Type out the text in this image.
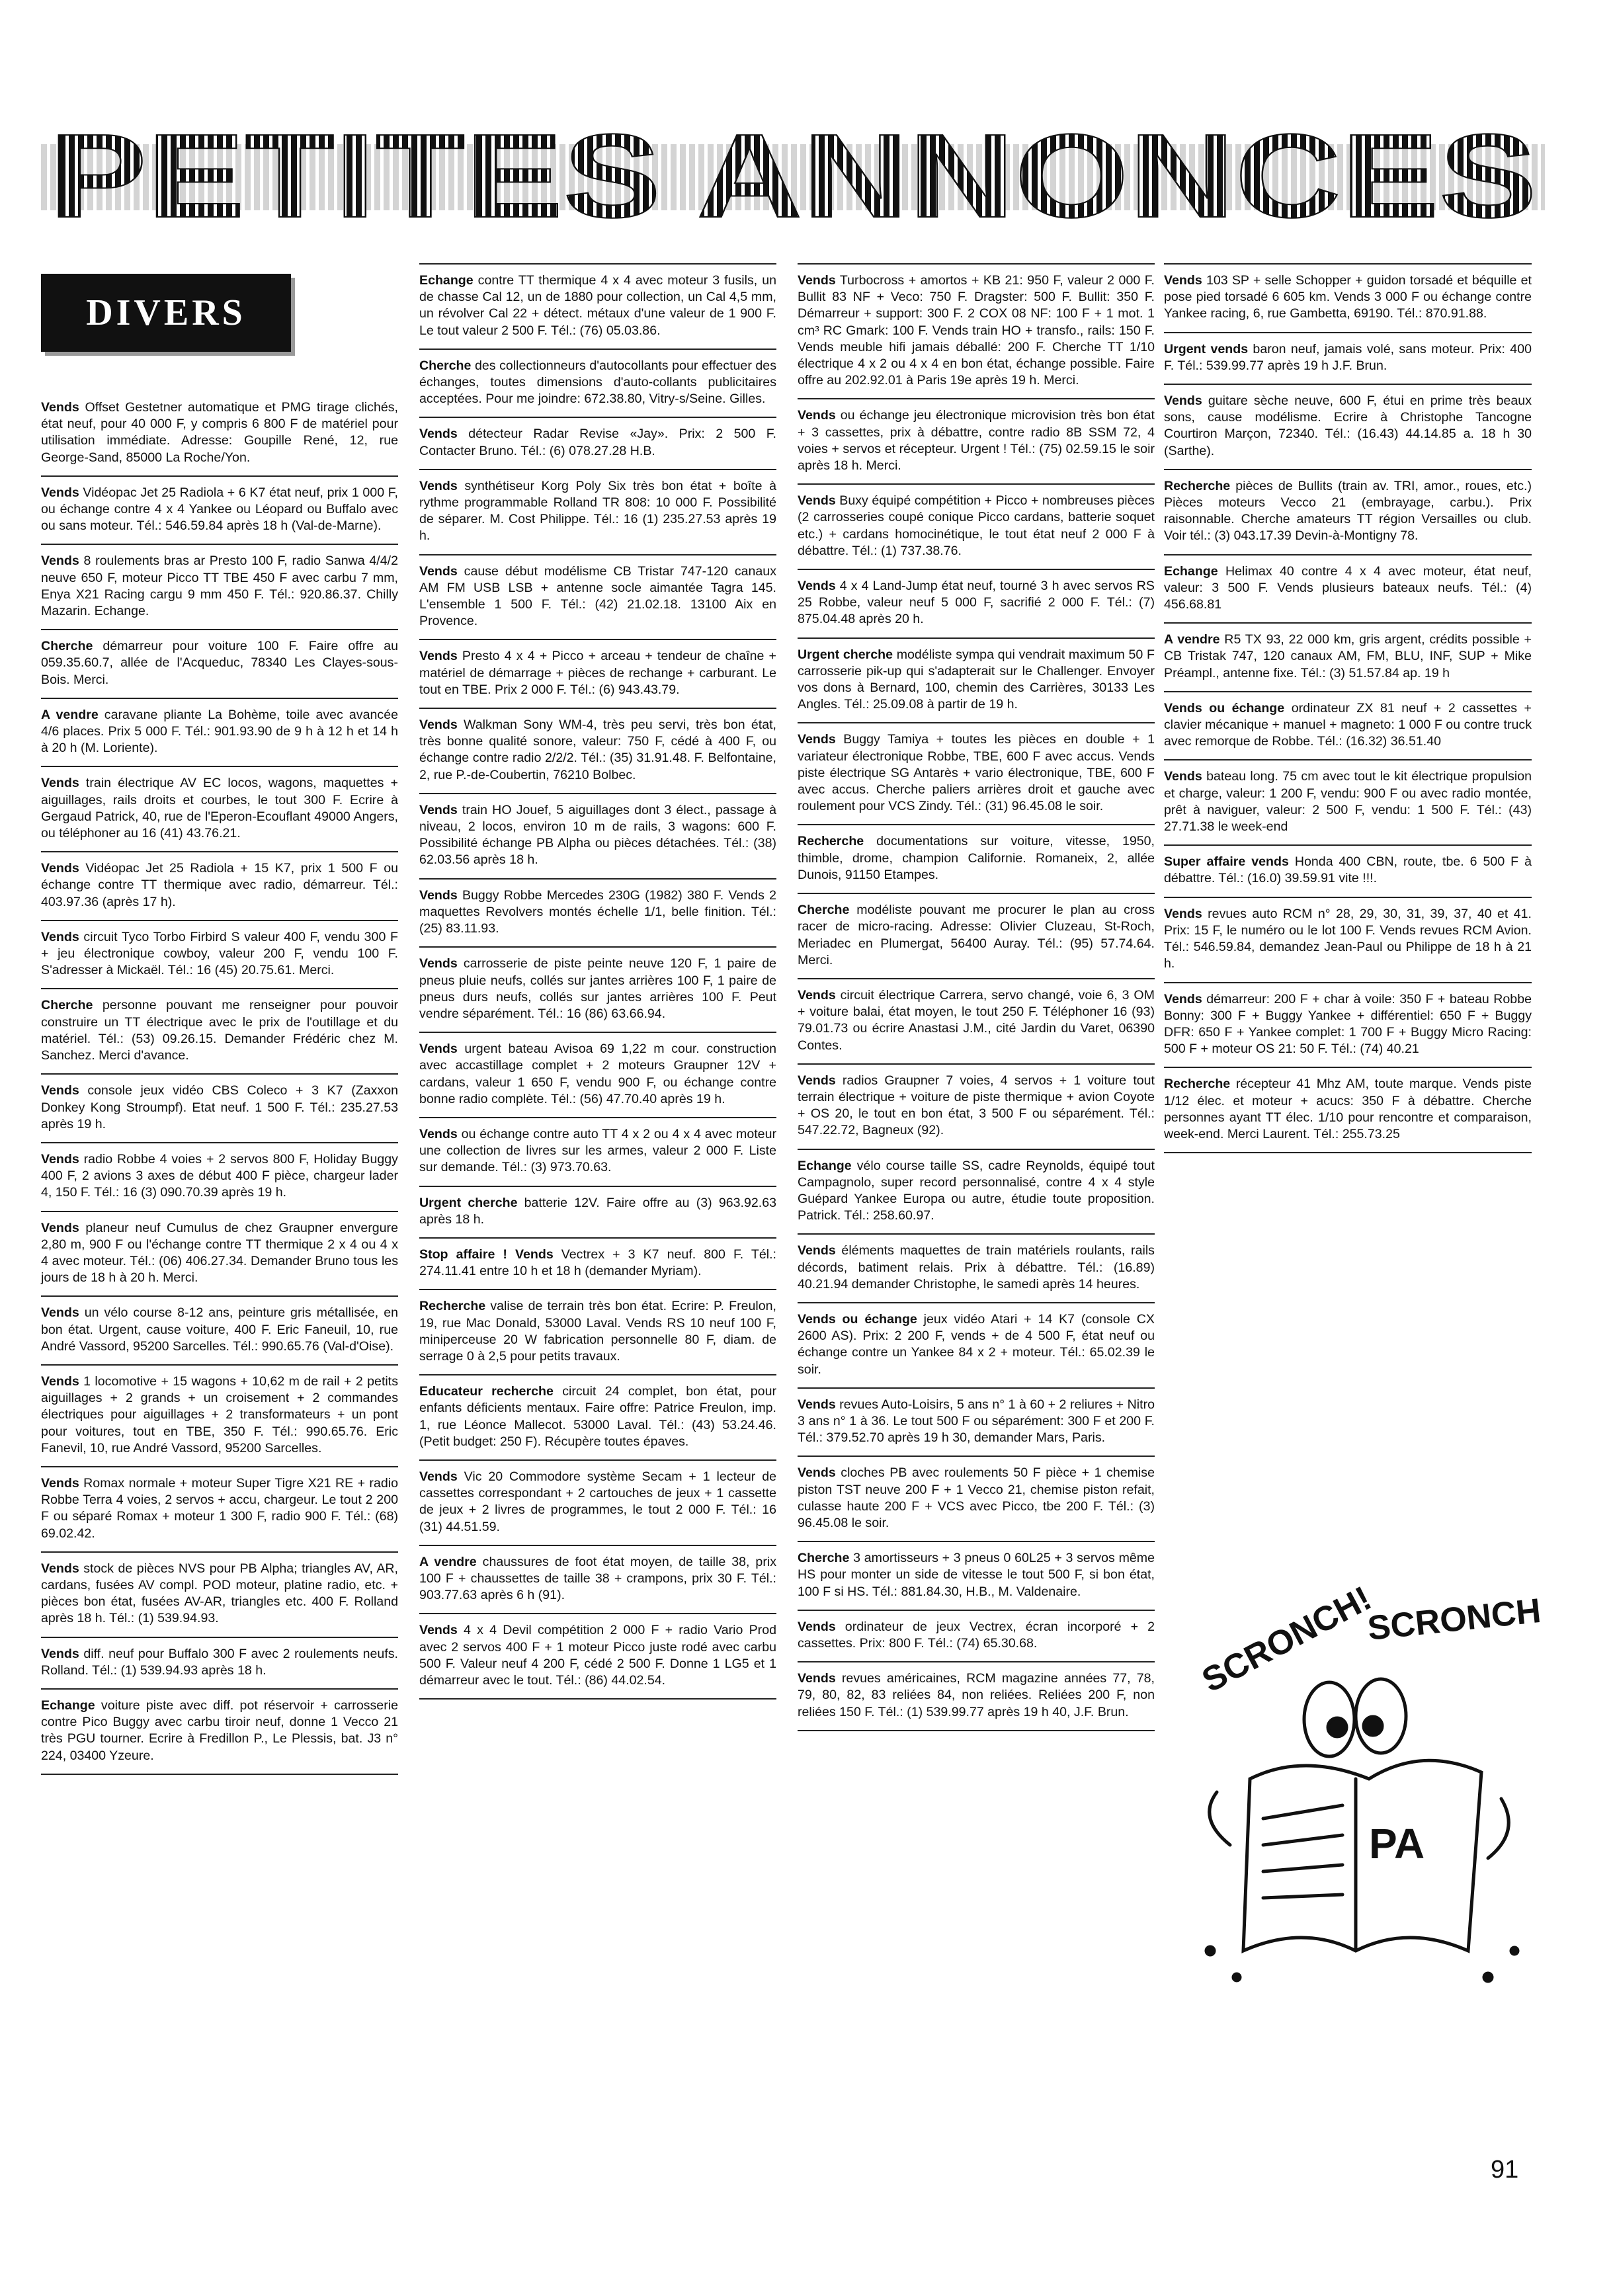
PETITES ANNONCES
DIVERS
Vends Offset Gestetner automatique et PMG tirage clichés, état neuf, pour 40 000 F, y compris 6 800 F de matériel pour utilisation immédiate. Adresse: Goupille René, 12, rue George-Sand, 85000 La Roche/Yon.
Vends Vidéopac Jet 25 Radiola + 6 K7 état neuf, prix 1 000 F, ou échange contre 4 x 4 Yankee ou Léopard ou Buffalo avec ou sans moteur. Tél.: 546.59.84 après 18 h (Val-de-Marne).
Vends 8 roulements bras ar Presto 100 F, radio Sanwa 4/4/2 neuve 650 F, moteur Picco TT TBE 450 F avec carbu 7 mm, Enya X21 Racing cargu 9 mm 450 F. Tél.: 920.86.37. Chilly Mazarin. Echange.
Cherche démarreur pour voiture 100 F. Faire offre au 059.35.60.7, allée de l'Acqueduc, 78340 Les Clayes-sous-Bois. Merci.
A vendre caravane pliante La Bohème, toile avec avancée 4/6 places. Prix 5 000 F. Tél.: 901.93.90 de 9 h à 12 h et 14 h à 20 h (M. Loriente).
Vends train électrique AV EC locos, wagons, maquettes + aiguillages, rails droits et courbes, le tout 300 F. Ecrire à Gergaud Patrick, 40, rue de l'Eperon-Ecouflant 49000 Angers, ou téléphoner au 16 (41) 43.76.21.
Vends Vidéopac Jet 25 Radiola + 15 K7, prix 1 500 F ou échange contre TT thermique avec radio, démarreur. Tél.: 403.97.36 (après 17 h).
Vends circuit Tyco Torbo Firbird S valeur 400 F, vendu 300 F + jeu électronique cowboy, valeur 200 F, vendu 100 F. S'adresser à Mickaël. Tél.: 16 (45) 20.75.61. Merci.
Cherche personne pouvant me renseigner pour pouvoir construire un TT électrique avec le prix de l'outillage et du matériel. Tél.: (53) 09.26.15. Demander Frédéric chez M. Sanchez. Merci d'avance.
Vends console jeux vidéo CBS Coleco + 3 K7 (Zaxxon Donkey Kong Stroumpf). Etat neuf. 1 500 F. Tél.: 235.27.53 après 19 h.
Vends radio Robbe 4 voies + 2 servos 800 F, Holiday Buggy 400 F, 2 avions 3 axes de début 400 F pièce, chargeur lader 4, 150 F. Tél.: 16 (3) 090.70.39 après 19 h.
Vends planeur neuf Cumulus de chez Graupner envergure 2,80 m, 900 F ou l'échange contre TT thermique 2 x 4 ou 4 x 4 avec moteur. Tél.: (06) 406.27.34. Demander Bruno tous les jours de 18 h à 20 h. Merci.
Vends un vélo course 8-12 ans, peinture gris métallisée, en bon état. Urgent, cause voiture, 400 F. Eric Faneuil, 10, rue André Vassord, 95200 Sarcelles. Tél.: 990.65.76 (Val-d'Oise).
Vends 1 locomotive + 15 wagons + 10,62 m de rail + 2 petits aiguillages + 2 grands + un croisement + 2 commandes électriques pour aiguillages + 2 transformateurs + un pont pour voitures, tout en TBE, 350 F. Tél.: 990.65.76. Eric Fanevil, 10, rue André Vassord, 95200 Sarcelles.
Vends Romax normale + moteur Super Tigre X21 RE + radio Robbe Terra 4 voies, 2 servos + accu, chargeur. Le tout 2 200 F ou séparé Romax + moteur 1 300 F, radio 900 F. Tél.: (68) 69.02.42.
Vends stock de pièces NVS pour PB Alpha; triangles AV, AR, cardans, fusées AV compl. POD moteur, platine radio, etc. + pièces bon état, fusées AV-AR, triangles etc. 400 F. Rolland après 18 h. Tél.: (1) 539.94.93.
Vends diff. neuf pour Buffalo 300 F avec 2 roulements neufs. Rolland. Tél.: (1) 539.94.93 après 18 h.
Echange voiture piste avec diff. pot réservoir + carrosserie contre Pico Buggy avec carbu tiroir neuf, donne 1 Vecco 21 très PGU tourner. Ecrire à Fredillon P., Le Plessis, bat. J3 n° 224, 03400 Yzeure.
Echange contre TT thermique 4 x 4 avec moteur 3 fusils, un de chasse Cal 12, un de 1880 pour collection, un Cal 4,5 mm, un révolver Cal 22 + détect. métaux d'une valeur de 1 900 F. Le tout valeur 2 500 F. Tél.: (76) 05.03.86.
Cherche des collectionneurs d'autocollants pour effectuer des échanges, toutes dimensions d'auto-collants publicitaires acceptées. Pour me joindre: 672.38.80, Vitry-s/Seine. Gilles.
Vends détecteur Radar Revise «Jay». Prix: 2 500 F. Contacter Bruno. Tél.: (6) 078.27.28 H.B.
Vends synthétiseur Korg Poly Six très bon état + boîte à rythme programmable Rolland TR 808: 10 000 F. Possibilité de séparer. M. Cost Philippe. Tél.: 16 (1) 235.27.53 après 19 h.
Vends cause début modélisme CB Tristar 747-120 canaux AM FM USB LSB + antenne socle aimantée Tagra 145. L'ensemble 1 500 F. Tél.: (42) 21.02.18. 13100 Aix en Provence.
Vends Presto 4 x 4 + Picco + arceau + tendeur de chaîne + matériel de démarrage + pièces de rechange + carburant. Le tout en TBE. Prix 2 000 F. Tél.: (6) 943.43.79.
Vends Walkman Sony WM-4, très peu servi, très bon état, très bonne qualité sonore, valeur: 750 F, cédé à 400 F, ou échange contre radio 2/2/2. Tél.: (35) 31.91.48. F. Belfontaine, 2, rue P.-de-Coubertin, 76210 Bolbec.
Vends train HO Jouef, 5 aiguillages dont 3 élect., passage à niveau, 2 locos, environ 10 m de rails, 3 wagons: 600 F. Possibilité échange PB Alpha ou pièces détachées. Tél.: (38) 62.03.56 après 18 h.
Vends Buggy Robbe Mercedes 230G (1982) 380 F. Vends 2 maquettes Revolvers montés échelle 1/1, belle finition. Tél.: (25) 83.11.93.
Vends carrosserie de piste peinte neuve 120 F, 1 paire de pneus pluie neufs, collés sur jantes arrières 100 F, 1 paire de pneus durs neufs, collés sur jantes arrières 100 F. Peut vendre séparément. Tél.: 16 (86) 63.66.94.
Vends urgent bateau Avisoa 69 1,22 m cour. construction avec accastillage complet + 2 moteurs Graupner 12V + cardans, valeur 1 650 F, vendu 900 F, ou échange contre bonne radio complète. Tél.: (56) 47.70.40 après 19 h.
Vends ou échange contre auto TT 4 x 2 ou 4 x 4 avec moteur une collection de livres sur les armes, valeur 2 000 F. Liste sur demande. Tél.: (3) 973.70.63.
Urgent cherche batterie 12V. Faire offre au (3) 963.92.63 après 18 h.
Stop affaire ! Vends Vectrex + 3 K7 neuf. 800 F. Tél.: 274.11.41 entre 10 h et 18 h (demander Myriam).
Recherche valise de terrain très bon état. Ecrire: P. Freulon, 19, rue Mac Donald, 53000 Laval. Vends RS 10 neuf 100 F, miniperceuse 20 W fabrication personnelle 80 F, diam. de serrage 0 à 2,5 pour petits travaux.
Educateur recherche circuit 24 complet, bon état, pour enfants déficients mentaux. Faire offre: Patrice Freulon, imp. 1, rue Léonce Mallecot. 53000 Laval. Tél.: (43) 53.24.46. (Petit budget: 250 F). Récupère toutes épaves.
Vends Vic 20 Commodore système Secam + 1 lecteur de cassettes correspondant + 2 cartouches de jeux + 1 cassette de jeux + 2 livres de programmes, le tout 2 000 F. Tél.: 16 (31) 44.51.59.
A vendre chaussures de foot état moyen, de taille 38, prix 100 F + chaussettes de taille 38 + crampons, prix 30 F. Tél.: 903.77.63 après 6 h (91).
Vends 4 x 4 Devil compétition 2 000 F + radio Vario Prod avec 2 servos 400 F + 1 moteur Picco juste rodé avec carbu 500 F. Valeur neuf 4 200 F, cédé 2 500 F. Donne 1 LG5 et 1 démarreur avec le tout. Tél.: (86) 44.02.54.
Vends Turbocross + amortos + KB 21: 950 F, valeur 2 000 F. Bullit 83 NF + Veco: 750 F. Dragster: 500 F. Bullit: 350 F. Démarreur + support: 300 F. 2 COX 08 NF: 100 F + 1 mot. 1 cm³ RC Gmark: 100 F. Vends train HO + transfo., rails: 150 F. Vends meuble hifi jamais déballé: 200 F. Cherche TT 1/10 électrique 4 x 2 ou 4 x 4 en bon état, échange possible. Faire offre au 202.92.01 à Paris 19e après 19 h. Merci.
Vends ou échange jeu électronique microvision très bon état + 3 cassettes, prix à débattre, contre radio 8B SSM 72, 4 voies + servos et récepteur. Urgent ! Tél.: (75) 02.59.15 le soir après 18 h. Merci.
Vends Buxy équipé compétition + Picco + nombreuses pièces (2 carrosseries coupé conique Picco cardans, batterie soquet etc.) + cardans homocinétique, le tout état neuf 2 000 F à débattre. Tél.: (1) 737.38.76.
Vends 4 x 4 Land-Jump état neuf, tourné 3 h avec servos RS 25 Robbe, valeur neuf 5 000 F, sacrifié 2 000 F. Tél.: (7) 875.04.48 après 20 h.
Urgent cherche modéliste sympa qui vendrait maximum 50 F carrosserie pik-up qui s'adapterait sur le Challenger. Envoyer vos dons à Bernard, 100, chemin des Carrières, 30133 Les Angles. Tél.: 25.09.08 à partir de 19 h.
Vends Buggy Tamiya + toutes les pièces en double + 1 variateur électronique Robbe, TBE, 600 F avec accus. Vends piste électrique SG Antarès + vario électronique, TBE, 600 F avec accus. Cherche paliers arrières droit et gauche avec roulement pour VCS Zindy. Tél.: (31) 96.45.08 le soir.
Recherche documentations sur voiture, vitesse, 1950, thimble, drome, champion Californie. Romaneix, 2, allée Dunois, 91150 Etampes.
Cherche modéliste pouvant me procurer le plan au cross racer de micro-racing. Adresse: Olivier Cluzeau, St-Roch, Meriadec en Plumergat, 56400 Auray. Tél.: (95) 57.74.64. Merci.
Vends circuit électrique Carrera, servo changé, voie 6, 3 OM + voiture balai, état moyen, le tout 250 F. Téléphoner 16 (93) 79.01.73 ou écrire Anastasi J.M., cité Jardin du Varet, 06390 Contes.
Vends radios Graupner 7 voies, 4 servos + 1 voiture tout terrain électrique + voiture de piste thermique + avion Coyote + OS 20, le tout en bon état, 3 500 F ou séparément. Tél.: 547.22.72, Bagneux (92).
Echange vélo course taille SS, cadre Reynolds, équipé tout Campagnolo, super record personnalisé, contre 4 x 4 style Guépard Yankee Europa ou autre, étudie toute proposition. Patrick. Tél.: 258.60.97.
Vends éléments maquettes de train matériels roulants, rails décords, batiment relais. Prix à débattre. Tél.: (16.89) 40.21.94 demander Christophe, le samedi après 14 heures.
Vends ou échange jeux vidéo Atari + 14 K7 (console CX 2600 AS). Prix: 2 200 F, vends + de 4 500 F, état neuf ou échange contre un Yankee 84 x 2 + moteur. Tél.: 65.02.39 le soir.
Vends revues Auto-Loisirs, 5 ans n° 1 à 60 + 2 reliures + Nitro 3 ans n° 1 à 36. Le tout 500 F ou séparément: 300 F et 200 F. Tél.: 379.52.70 après 19 h 30, demander Mars, Paris.
Vends cloches PB avec roulements 50 F pièce + 1 chemise piston TST neuve 200 F + 1 Vecco 21, chemise piston refait, culasse haute 200 F + VCS avec Picco, tbe 200 F. Tél.: (3) 96.45.08 le soir.
Cherche 3 amortisseurs + 3 pneus 0 60L25 + 3 servos même HS pour monter un side de vitesse le tout 500 F, si bon état, 100 F si HS. Tél.: 881.84.30, H.B., M. Valdenaire.
Vends ordinateur de jeux Vectrex, écran incorporé + 2 cassettes. Prix: 800 F. Tél.: (74) 65.30.68.
Vends revues américaines, RCM magazine années 77, 78, 79, 80, 82, 83 reliées 84, non reliées. Reliées 200 F, non reliées 150 F. Tél.: (1) 539.99.77 après 19 h 40, J.F. Brun.
Vends 103 SP + selle Schopper + guidon torsadé et béquille et pose pied torsadé 6 605 km. Vends 3 000 F ou échange contre Yankee racing, 6, rue Gambetta, 69190. Tél.: 870.91.88.
Urgent vends baron neuf, jamais volé, sans moteur. Prix: 400 F. Tél.: 539.99.77 après 19 h J.F. Brun.
Vends guitare sèche neuve, 600 F, étui en prime très beaux sons, cause modélisme. Ecrire à Christophe Tancogne Courtiron Marçon, 72340. Tél.: (16.43) 44.14.85 a. 18 h 30 (Sarthe).
Recherche pièces de Bullits (train av. TRI, amor., roues, etc.) Pièces moteurs Vecco 21 (embrayage, carbu.). Prix raisonnable. Cherche amateurs TT région Versailles ou club. Voir tél.: (3) 043.17.39 Devin-à-Montigny 78.
Echange Helimax 40 contre 4 x 4 avec moteur, état neuf, valeur: 3 500 F. Vends plusieurs bateaux neufs. Tél.: (4) 456.68.81
A vendre R5 TX 93, 22 000 km, gris argent, crédits possible + CB Tristak 747, 120 canaux AM, FM, BLU, INF, SUP + Mike Préampl., antenne fixe. Tél.: (3) 51.57.84 ap. 19 h
Vends ou échange ordinateur ZX 81 neuf + 2 cassettes + clavier mécanique + manuel + magneto: 1 000 F ou contre truck avec remorque de Robbe. Tél.: (16.32) 36.51.40
Vends bateau long. 75 cm avec tout le kit électrique propulsion et charge, valeur: 1 200 F, vendu: 900 F ou avec radio montée, prêt à naviguer, valeur: 2 500 F, vendu: 1 500 F. Tél.: (43) 27.71.38 le week-end
Super affaire vends Honda 400 CBN, route, tbe. 6 500 F à débattre. Tél.: (16.0) 39.59.91 vite !!!.
Vends revues auto RCM n° 28, 29, 30, 31, 39, 37, 40 et 41. Prix: 15 F, le numéro ou le lot 100 F. Vends revues RCM Avion. Tél.: 546.59.84, demandez Jean-Paul ou Philippe de 18 h à 21 h.
Vends démarreur: 200 F + char à voile: 350 F + bateau Robbe Bonny: 300 F + Buggy Yankee + différentiel: 650 F + Buggy DFR: 650 F + Yankee complet: 1 700 F + Buggy Micro Racing: 500 F + moteur OS 21: 50 F. Tél.: (74) 40.21
Recherche récepteur 41 Mhz AM, toute marque. Vends piste 1/12 élec. et moteur + acucs: 350 F à débattre. Cherche personnes ayant TT élec. 1/10 pour rencontre et comparaison, week-end. Merci Laurent. Tél.: 255.73.25
SCRONCH!
SCRONCH!
PA
91
